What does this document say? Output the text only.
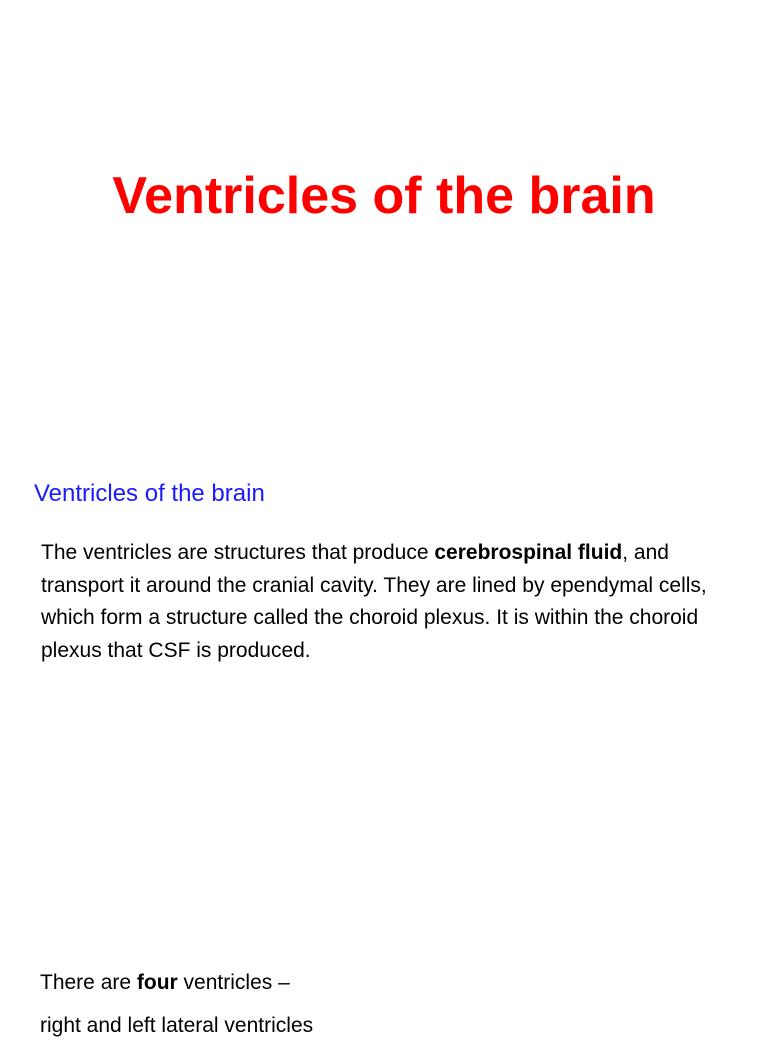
Ventricles of the brain
Ventricles of the brain
The ventricles are structures that produce cerebrospinal fluid, and transport it around the cranial cavity. They are lined by ependymal cells, which form a structure called the choroid plexus. It is within the choroid plexus that CSF is produced.
There are four ventricles –
right and left lateral ventricles
